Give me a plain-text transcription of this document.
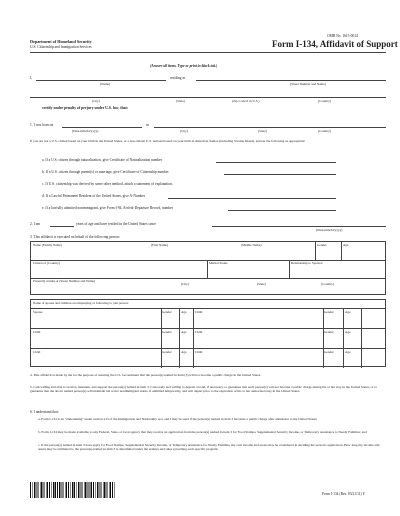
OMB No. 1615-0014
Department of Homeland Security
U.S. Citizenship and Immigration Services	Form I-134, Affidavit of Support
(Answer all items. Type or print in black ink.)
I,	residing at
(Name)	(Street Number and Name)
(City)	(State)	(Zip Code if in U.S.)	(Country)
certify under penalty of perjury under U.S. law, that:
1. I was born on	in
(Date-mm/dd/yyyy)	(City)	(State)	(Country)
If you are not a U.S. citizen based on your birth in the United States, or a non-citizen U.S. national based on your birth in American Samoa (including Swains Island), answer the following as appropriate:
a. If a U.S. citizen through naturalization, give Certificate of Naturalization number
b. If a U.S. citizen through parent(s) or marriage, give Certificate of Citizenship number
c. If U.S. citizenship was derived by some other method, attach a statement of explanation.
d. If a Lawful Permanent Resident of the United States, give A-Number
e. If a lawfully admitted nonimmigrant, give Form I-94, Arrival-Departure Record, number
2. I am	years of age and have resided in the United States since
(Date-mm/dd/yyyy)
3. This affidavit is executed on behalf of the following person:
Name (Family Name)	(First Name)	(Middle Name)	Gender	Age
Citizen of (Country)	Marital Status	Relationship to Sponsor
Presently resides at (Street Number and Name)
(City)	(State)	(Country)
Name of spouse and children accompanying or following to join person:
Spouse	Gender	Age	Child	Gender	Age
Child	Gender	Age	Child	Gender	Age
Child	Gender	Age	Child	Gender	Age
4. This affidavit is made by me for the purpose of assuring the U.S. Government that the person(s) named in item (3) will not become a public charge in the United States.
5. I am willing and able to receive, maintain, and support the person(s) named in item 3. I am ready and willing to deposit a bond, if necessary, to guarantee that such person(s) will not become a public charge during his or her stay in the United States, or to guarantee that the above named person(s) will maintain his or her nonimmigrant status, if admitted temporarily, and will depart prior to the expiration of his or her authorized stay in the United States.
6. I understand that:
a. Form I-134 is an "undertaking" under section 213 of the Immigration and Nationality Act, and I may be sued if the person(s) named in item 3 becomes a public charge after admission to the United States;
b. Form I-134 may be made available to any Federal, State, or local agency that may receive an application from the person(s) named in item 3 for Food Stamps, Supplemental Security Income, or Temporary Assistance to Needy Families; and
c. If the person(s) named in item 3 does apply for Food Stamps, Supplemental Security Income, or Temporary Assistance for Needy Families, my own income and assets may be considered in deciding the person's application. How long my income and assets may be attributed to the person(s) named in item 3 is determined under the statutes and rules governing each specific program.
Form I-134 (Rev. 03/21/11) Y
